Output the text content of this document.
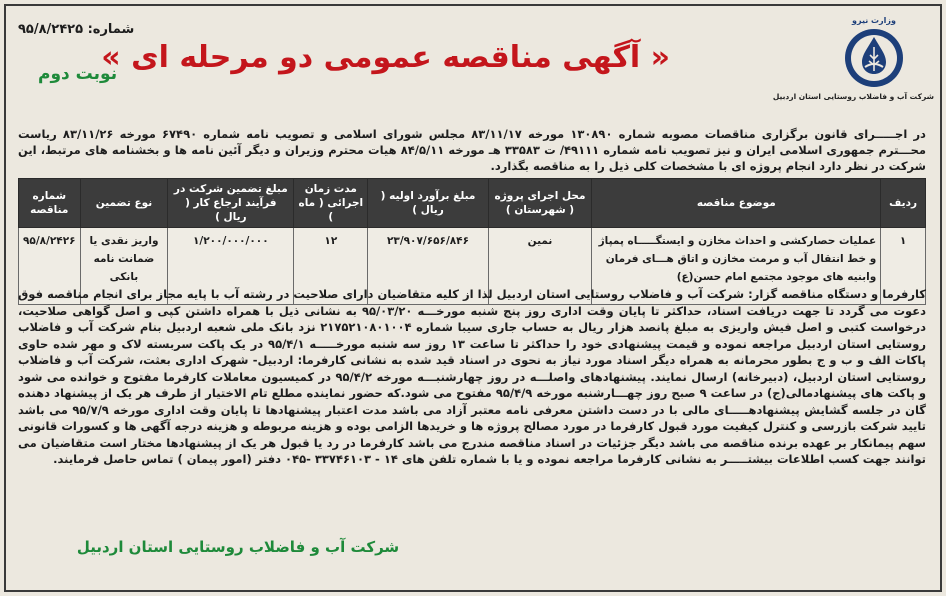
وزارت نیرو
شرکت آب و فاضلاب روستایی استان اردبیل
« آگهی مناقصه عمومی دو مرحله ای »
شماره: ۹۵/۸/۲۴۲۵
نوبت دوم
در اجـــــرای قانون برگزاری مناقصات مصوبه شماره ۱۳۰۸۹۰ مورخه ۸۳/۱۱/۱۷ مجلس شورای اسلامی و تصویب نامه شماره ۶۷۴۹۰ مورخه ۸۳/۱۱/۲۶ ریاست محـــترم جمهوری اسلامی ایران و نیز تصویب نامه شماره ۴۹۱۱۱/ ت ۳۳۵۸۳ هـ مورخه ۸۴/۵/۱۱ هیات محترم وزیران و دیگر آئین نامه ها و بخشنامه های مرتبط، این شرکت در نظر دارد انجام پروژه ای با مشخصات کلی ذیل را به مناقصه بگذارد.
ردیف	موضوع مناقصه	محل اجرای پروژه ( شهرستان )	مبلغ برآورد اولیه ( ریال )	مدت زمان اجرائی ( ماه )	مبلغ تضمین شرکت در فرآیند ارجاع کار ( ریال )	نوع تضمین	شماره مناقصه
۱	عملیات حصارکشی و احداث مخازن و ایستگـــــاه پمپاژ و خط انتقال آب و مرمت مخازن و اتاق هـــای فرمان وابنیه های موجود مجتمع امام حسن(ع)	نمین	۲۳/۹۰۷/۶۵۶/۸۴۶	۱۲	۱/۲۰۰/۰۰۰/۰۰۰	واریز نقدی یا ضمانت نامه بانکی	۹۵/۸/۲۴۲۶
کارفرما و دستگاه مناقصه گزار: شرکت آب و فاضلاب روستایی استان اردبیل لذا از کلیه متقاضیان دارای صلاحیت در رشته آب با پایه مجاز برای انجام مناقصه فوق دعوت می گردد تا جهت دریافت اسناد، حداکثر تا پایان وقت اداری روز پنج شنبه مورخـــه ۹۵/۰۳/۲۰ به نشانی ذیل با همراه داشتن کپی و اصل گواهی صلاحیت، درخواست کتبی و اصل فیش واریزی به مبلغ پانصد هزار ریال به حساب جاری سیبا شماره ۲۱۷۵۲۱۰۸۰۱۰۰۴ نزد بانک ملی شعبه اردبیل بنام شرکت آب و فاضلاب روستایی استان اردبیل مراجعه نموده و قیمت پیشنهادی خود را حداکثر تا ساعت ۱۳ روز سه شنبه مورخـــــه ۹۵/۴/۱ در یک پاکت سربسته لاک و مهر شده حاوی پاکات الف و ب و ج بطور محرمانه به همراه دیگر اسناد مورد نیاز به نحوی در اسناد قید شده به نشانی کارفرما: اردبیل- شهرک اداری بعثت، شرکت آب و فاضلاب روستایی استان اردبیل، (دبیرخانه) ارسال نمایند. پیشنهادهای واصلـــه در روز چهارشنبـــه مورخه ۹۵/۴/۲ در کمیسیون معاملات کارفرما مفتوح و خوانده می شود و پاکت های پیشنهادمالی(ج) در ساعت ۹ صبح روز چهـــارشنبه مورخه ۹۵/۴/۹ مفتوح می شود.که حضور نماینده مطلع تام الاختیار از طرف هر یک از پیشنهاد دهنده گان در جلسه گشایش پیشنهادهـــــای مالی با در دست داشتن معرفی نامه معتبر آزاد می باشد مدت اعتبار پیشنهادها تا پایان وقت اداری مورخه ۹۵/۷/۹ می باشد تایید شرکت بازرسی و کنترل کیفیت مورد قبول کارفرما در مورد مصالح پروژه ها و خریدها الزامی بوده و هزینه مربوطه و هزینه درجه آگهی ها و کسورات قانونی سهم پیمانکار بر عهده برنده مناقصه می باشد دیگر جزئیات در اسناد مناقصه مندرج می باشد کارفرما در رد یا قبول هر یک از پیشنهادها مختار است متقاضیان می توانند جهت کسب اطلاعات بیشتـــــر به نشانی کارفرما مراجعه نموده و یا با شماره تلفن های ۱۴ - ۳۳۷۴۶۱۰۳ -۰۴۵ دفتر (امور پیمان ) تماس حاصل فرمایند.
شرکت آب و فاضلاب روستایی استان اردبیل
